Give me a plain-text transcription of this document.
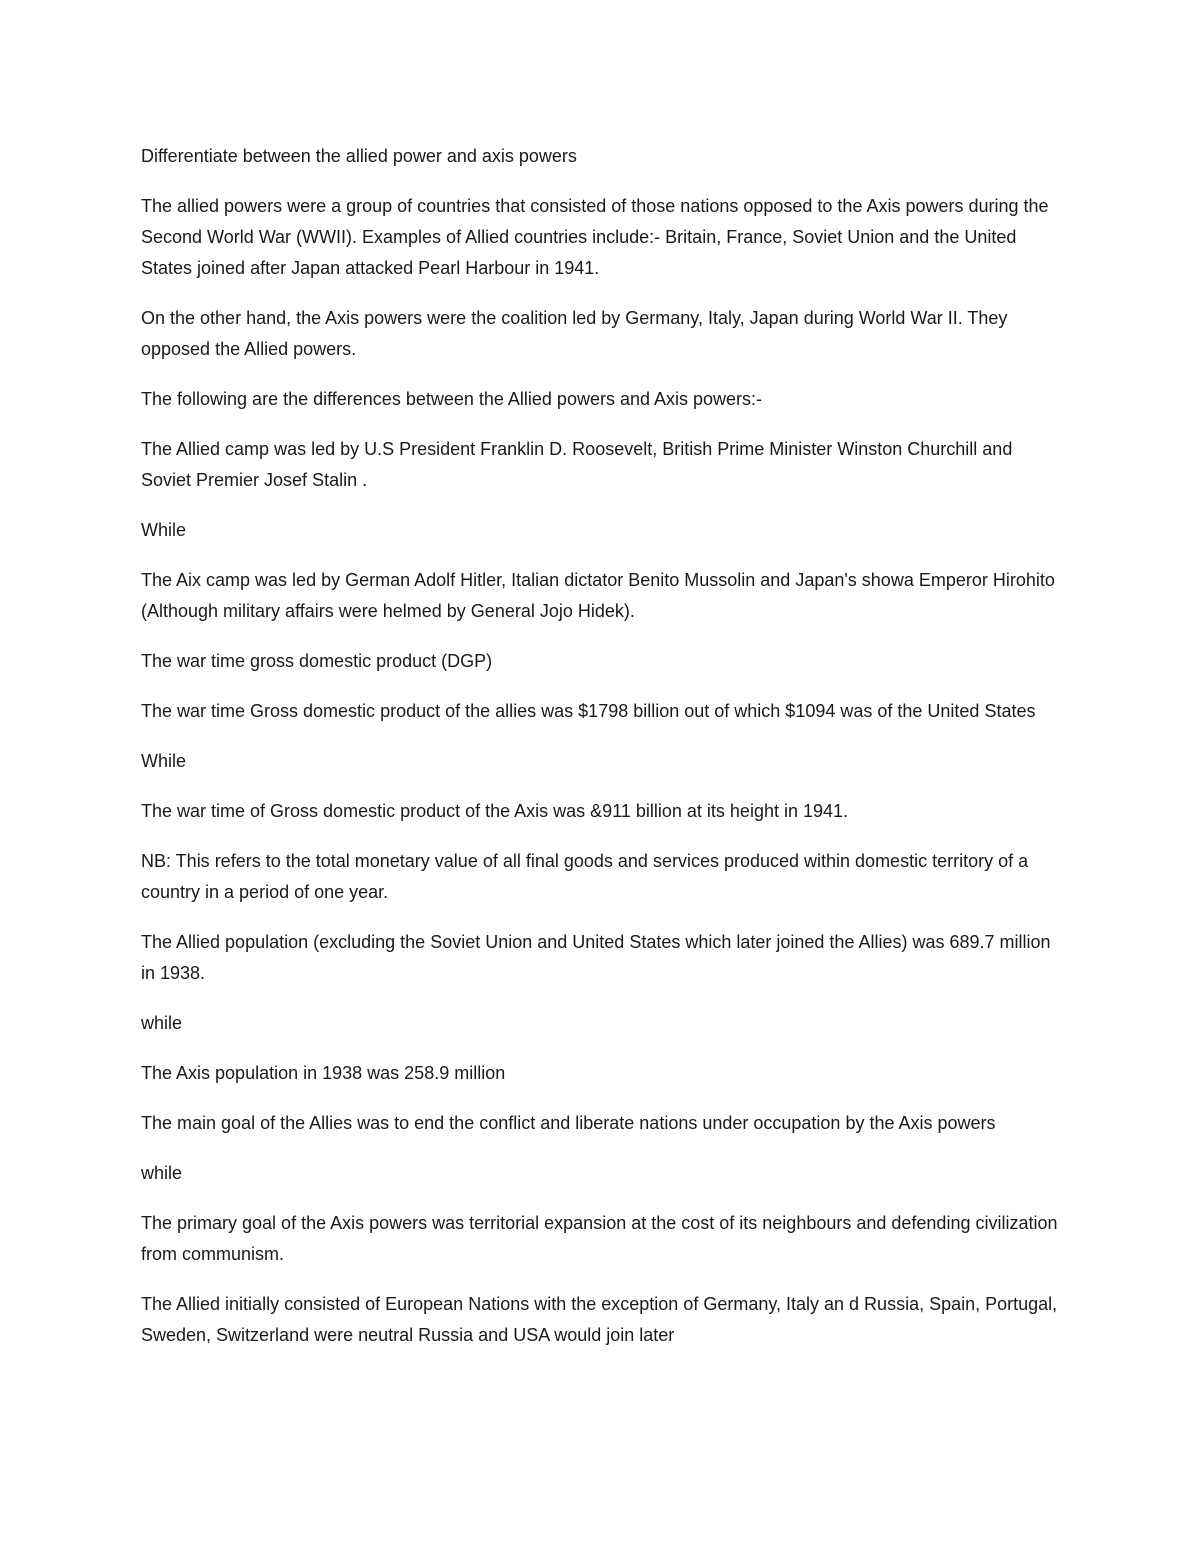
Differentiate between the allied power and axis powers

The allied powers were a group of countries that consisted of those nations opposed to the Axis powers during the Second World War (WWII). Examples of Allied countries include:- Britain, France, Soviet Union and the United States joined after Japan attacked Pearl Harbour in 1941.

On the other hand, the Axis powers were the coalition led by Germany, Italy, Japan during World War II. They opposed the Allied powers.

The following are the differences between the Allied powers and Axis powers:-

The Allied camp was led by U.S President Franklin D. Roosevelt, British Prime Minister Winston Churchill and Soviet Premier Josef Stalin .

While

The Aix camp was led by German Adolf Hitler, Italian dictator Benito Mussolin and Japan's showa Emperor Hirohito (Although military affairs were helmed by General Jojo Hidek).

The war time gross domestic product (DGP)

The war time Gross domestic product of the allies was $1798 billion out of which $1094 was of the United States

While

The war time of Gross domestic product of the Axis was &911 billion at its height in 1941.

NB: This refers to the total monetary value of all final goods and services produced within domestic territory of a country in a period of one year.

The Allied population (excluding the Soviet Union and United States which later joined the Allies) was 689.7 million in 1938.

while

The Axis population in 1938 was 258.9 million

The main goal of the Allies was to end the conflict and liberate nations under occupation by the Axis powers

while

The primary goal of the Axis powers was territorial expansion at the cost of its neighbours and defending civilization from communism.

The Allied initially consisted of European Nations with the exception of Germany, Italy an d Russia, Spain, Portugal, Sweden, Switzerland were neutral Russia and USA would join later
